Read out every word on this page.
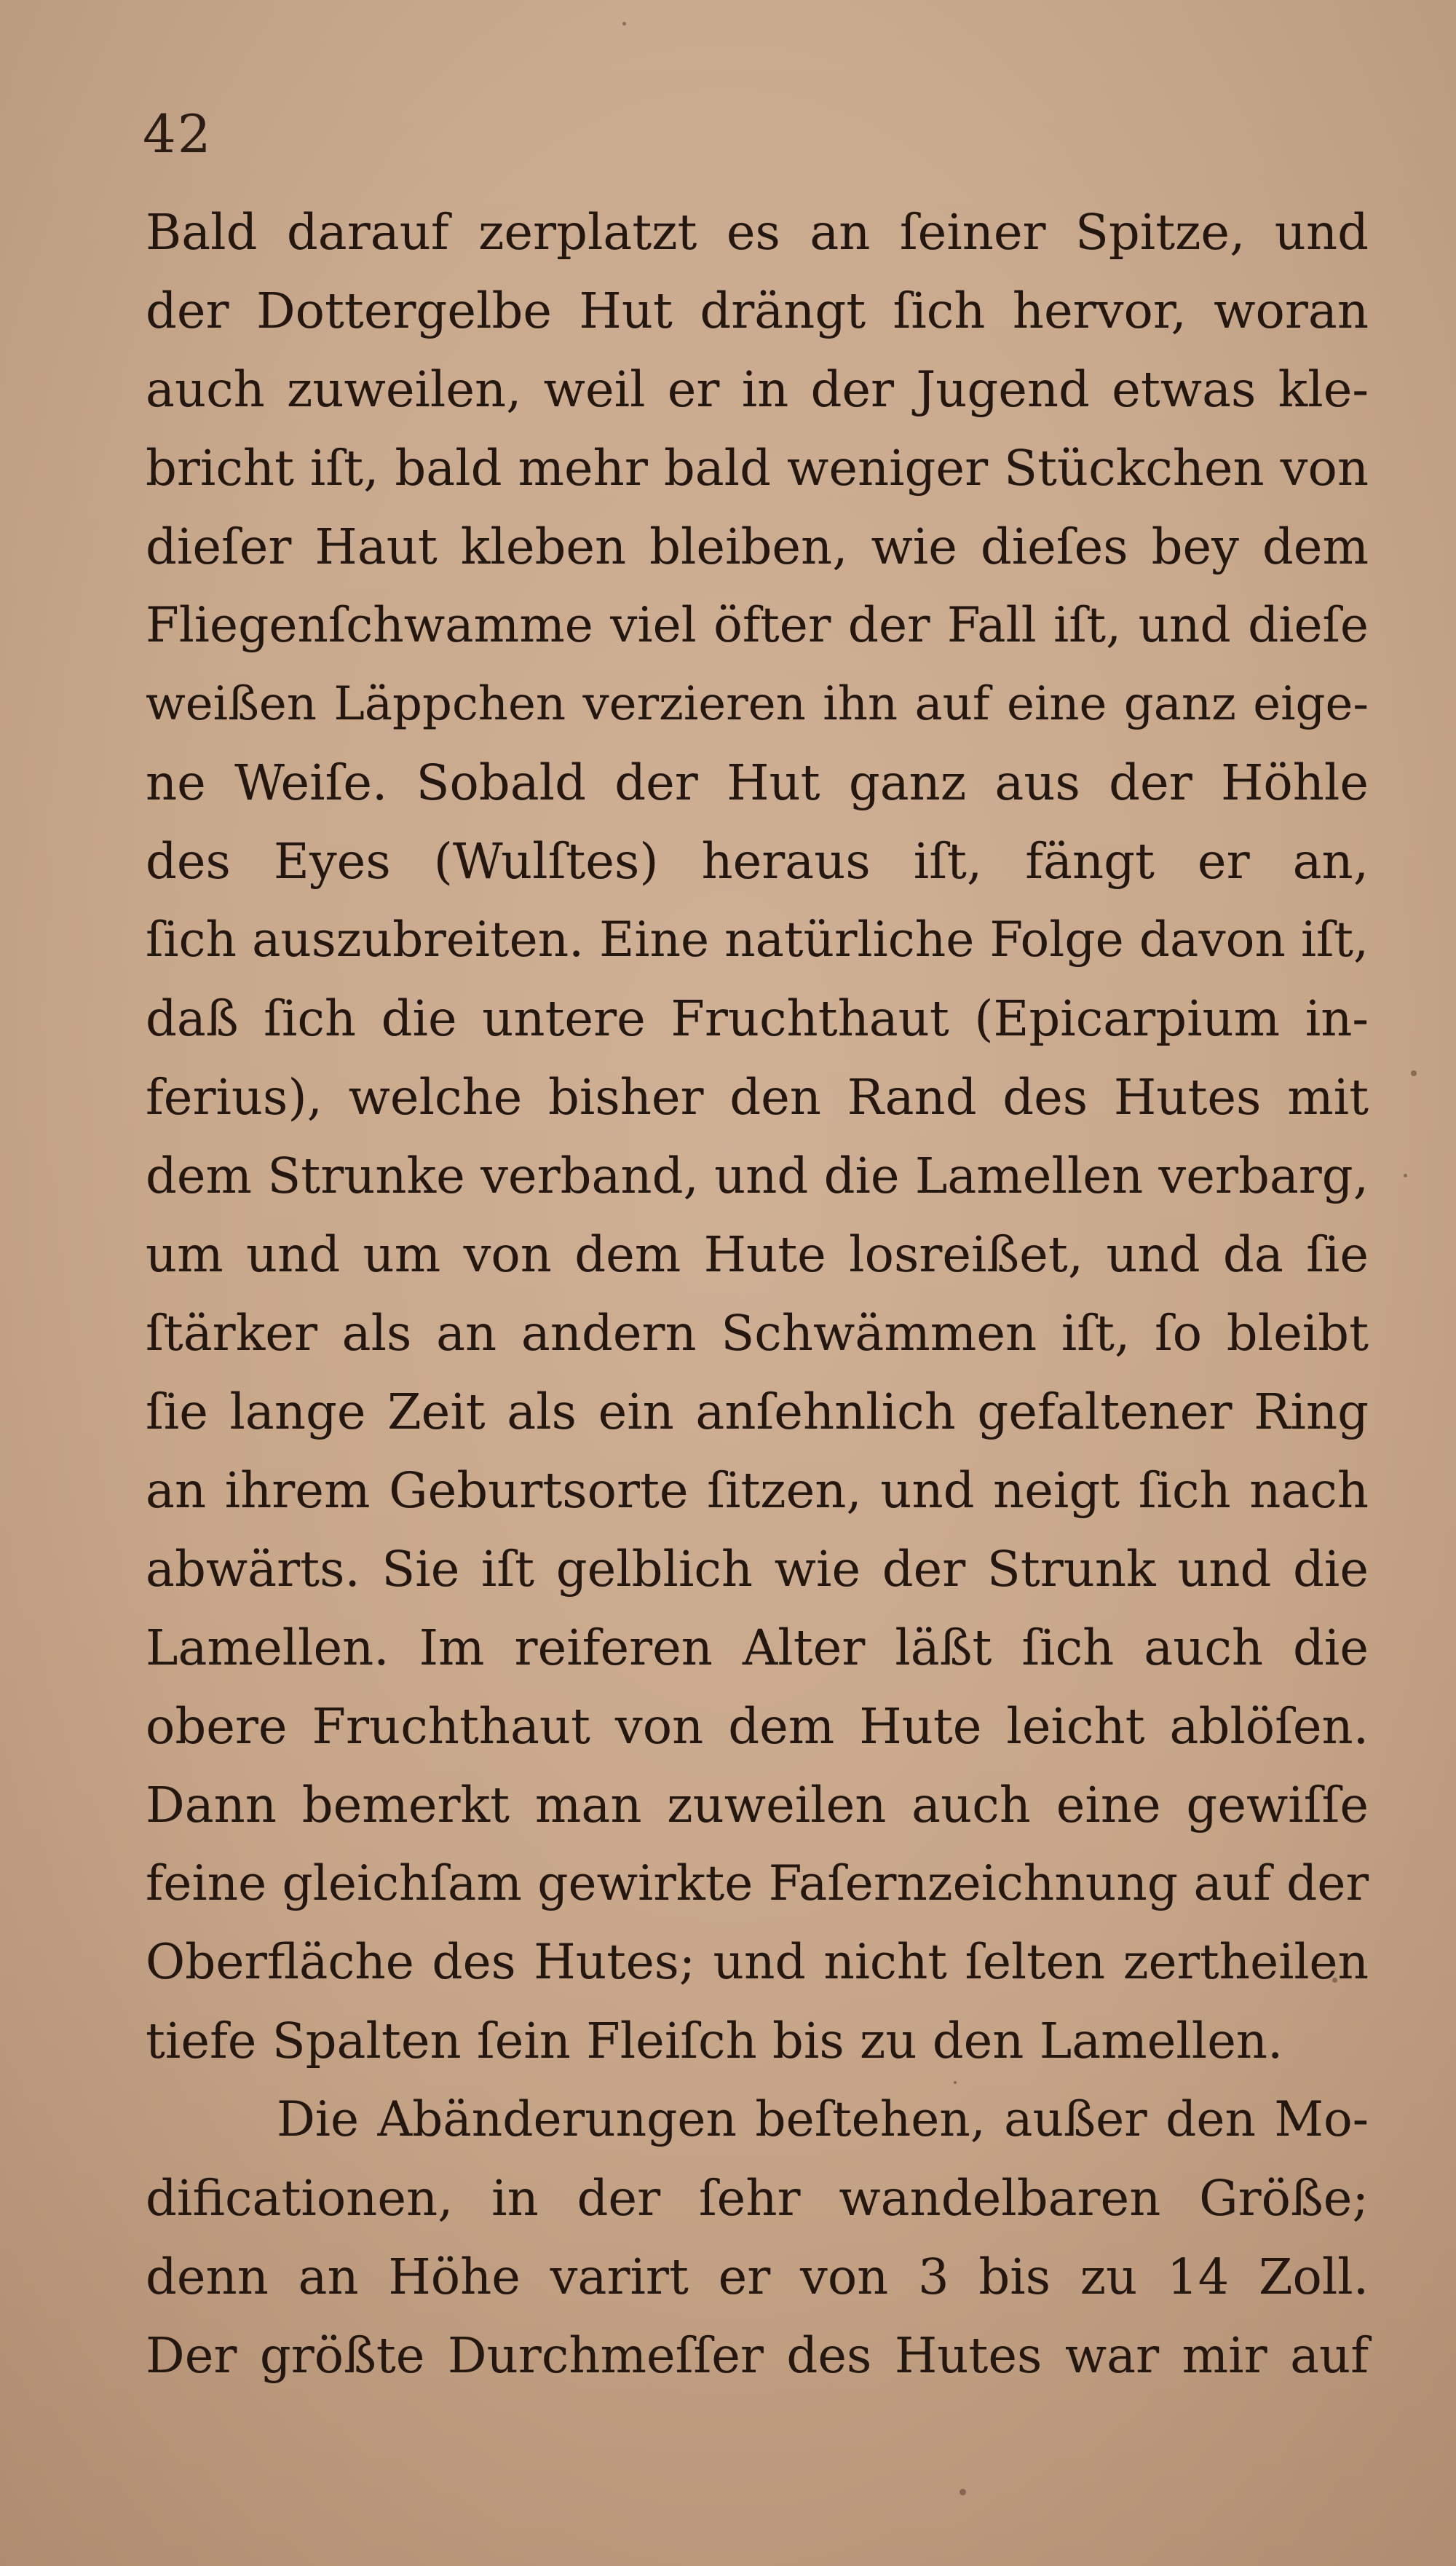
42
Bald darauf zerplatzt es an ſeiner Spitze, und
der Dottergelbe Hut drängt ſich hervor, woran
auch zuweilen, weil er in der Jugend etwas kle-
bricht iſt, bald mehr bald weniger Stückchen von
dieſer Haut kleben bleiben, wie dieſes bey dem
Fliegenſchwamme viel öfter der Fall iſt, und dieſe
weißen Läppchen verzieren ihn auf eine ganz eige-
ne Weiſe. Sobald der Hut ganz aus der Höhle
des Eyes (Wulſtes) heraus iſt, fängt er an,
ſich auszubreiten. Eine natürliche Folge davon iſt,
daß ſich die untere Fruchthaut (Epicarpium in-
ferius), welche bisher den Rand des Hutes mit
dem Strunke verband, und die Lamellen verbarg,
um und um von dem Hute losreißet, und da ſie
ſtärker als an andern Schwämmen iſt, ſo bleibt
ſie lange Zeit als ein anſehnlich gefaltener Ring
an ihrem Geburtsorte ſitzen, und neigt ſich nach
abwärts. Sie iſt gelblich wie der Strunk und die
Lamellen. Im reiferen Alter läßt ſich auch die
obere Fruchthaut von dem Hute leicht ablöſen.
Dann bemerkt man zuweilen auch eine gewiſſe
feine gleichſam gewirkte Faſernzeichnung auf der
Oberfläche des Hutes; und nicht ſelten zertheilen
tiefe Spalten ſein Fleiſch bis zu den Lamellen.
Die Abänderungen beſtehen, außer den Mo-
dificationen, in der ſehr wandelbaren Größe;
denn an Höhe varirt er von 3 bis zu 14 Zoll.
Der größte Durchmeſſer des Hutes war mir auf
